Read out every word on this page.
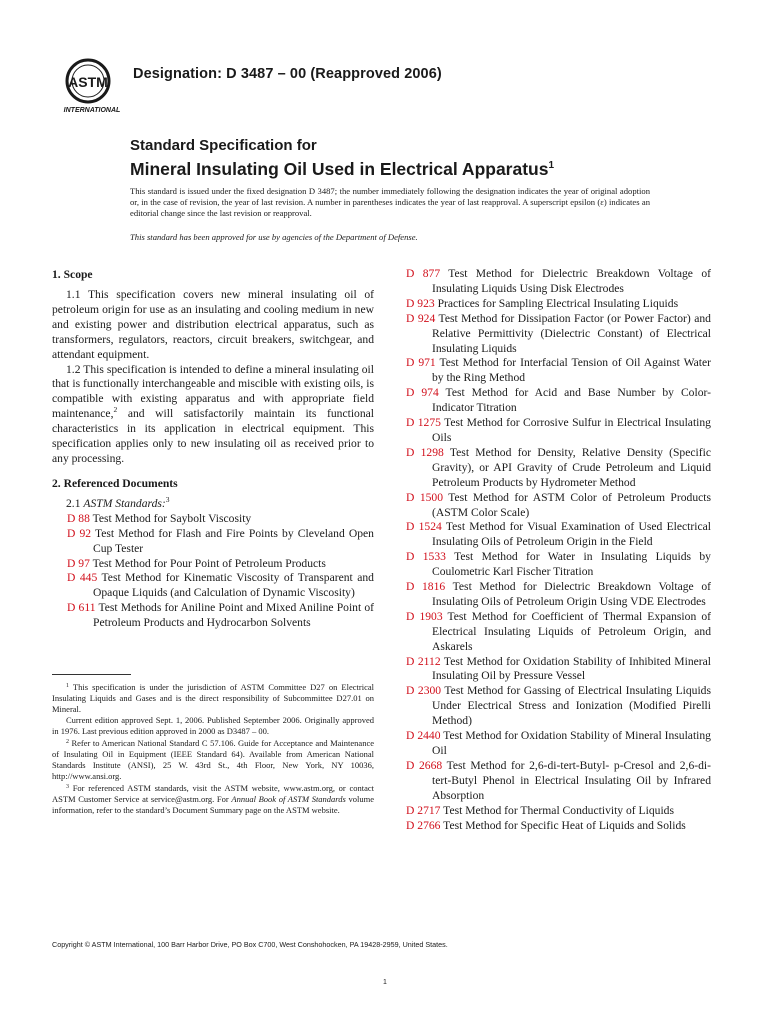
ASTM
INTERNATIONAL
Designation: D 3487 – 00 (Reapproved 2006)
Standard Specification for
Mineral Insulating Oil Used in Electrical Apparatus$^1$
This standard is issued under the fixed designation D 3487; the number immediately following the designation indicates the year of original adoption or, in the case of revision, the year of last revision. A number in parentheses indicates the year of last reapproval. A superscript epsilon (ε) indicates an editorial change since the last revision or reapproval.
This standard has been approved for use by agencies of the Department of Defense.
1. Scope

1.1 This specification covers new mineral insulating oil of petroleum origin for use as an insulating and cooling medium in new and existing power and distribution electrical apparatus, such as transformers, regulators, reactors, circuit breakers, switchgear, and attendant equipment.

1.2 This specification is intended to define a mineral insulating oil that is functionally interchangeable and miscible with existing oils, is compatible with existing apparatus and with appropriate field maintenance,$^2$ and will satisfactorily maintain its functional characteristics in its application in electrical equipment. This specification applies only to new insulating oil as received prior to any processing.

2. Referenced Documents

2.1 ASTM Standards:$^3$

D 88 Test Method for Saybolt Viscosity

D 92 Test Method for Flash and Fire Points by Cleveland Open Cup Tester

D 97 Test Method for Pour Point of Petroleum Products

D 445 Test Method for Kinematic Viscosity of Transparent and Opaque Liquids (and Calculation of Dynamic Viscosity)

D 611 Test Methods for Aniline Point and Mixed Aniline Point of Petroleum Products and Hydrocarbon Solvents

D 877 Test Method for Dielectric Breakdown Voltage of Insulating Liquids Using Disk Electrodes

D 923 Practices for Sampling Electrical Insulating Liquids

D 924 Test Method for Dissipation Factor (or Power Factor) and Relative Permittivity (Dielectric Constant) of Electrical Insulating Liquids

D 971 Test Method for Interfacial Tension of Oil Against Water by the Ring Method

D 974 Test Method for Acid and Base Number by Color-Indicator Titration

D 1275 Test Method for Corrosive Sulfur in Electrical Insulating Oils

D 1298 Test Method for Density, Relative Density (Specific Gravity), or API Gravity of Crude Petroleum and Liquid Petroleum Products by Hydrometer Method

D 1500 Test Method for ASTM Color of Petroleum Products (ASTM Color Scale)

D 1524 Test Method for Visual Examination of Used Electrical Insulating Oils of Petroleum Origin in the Field

D 1533 Test Method for Water in Insulating Liquids by Coulometric Karl Fischer Titration

D 1816 Test Method for Dielectric Breakdown Voltage of Insulating Oils of Petroleum Origin Using VDE Electrodes

D 1903 Test Method for Coefficient of Thermal Expansion of Electrical Insulating Liquids of Petroleum Origin, and Askarels

D 2112 Test Method for Oxidation Stability of Inhibited Mineral Insulating Oil by Pressure Vessel

D 2300 Test Method for Gassing of Electrical Insulating Liquids Under Electrical Stress and Ionization (Modified Pirelli Method)

D 2440 Test Method for Oxidation Stability of Mineral Insulating Oil

D 2668 Test Method for 2,6-di-tert-Butyl- p-Cresol and 2,6-di-tert-Butyl Phenol in Electrical Insulating Oil by Infrared Absorption

D 2717 Test Method for Thermal Conductivity of Liquids

D 2766 Test Method for Specific Heat of Liquids and Solids

$^1$ This specification is under the jurisdiction of ASTM Committee D27 on Electrical Insulating Liquids and Gases and is the direct responsibility of Subcommittee D27.01 on Mineral.

Current edition approved Sept. 1, 2006. Published September 2006. Originally approved in 1976. Last previous edition approved in 2000 as D3487 – 00.

$^2$ Refer to American National Standard C 57.106. Guide for Acceptance and Maintenance of Insulating Oil in Equipment (IEEE Standard 64). Available from American National Standards Institute (ANSI), 25 W. 43rd St., 4th Floor, New York, NY 10036, http://www.ansi.org.

$^3$ For referenced ASTM standards, visit the ASTM website, www.astm.org, or contact ASTM Customer Service at service@astm.org. For Annual Book of ASTM Standards volume information, refer to the standard’s Document Summary page on the ASTM website.

Copyright © ASTM International, 100 Barr Harbor Drive, PO Box C700, West Conshohocken, PA 19428-2959, United States.
1
